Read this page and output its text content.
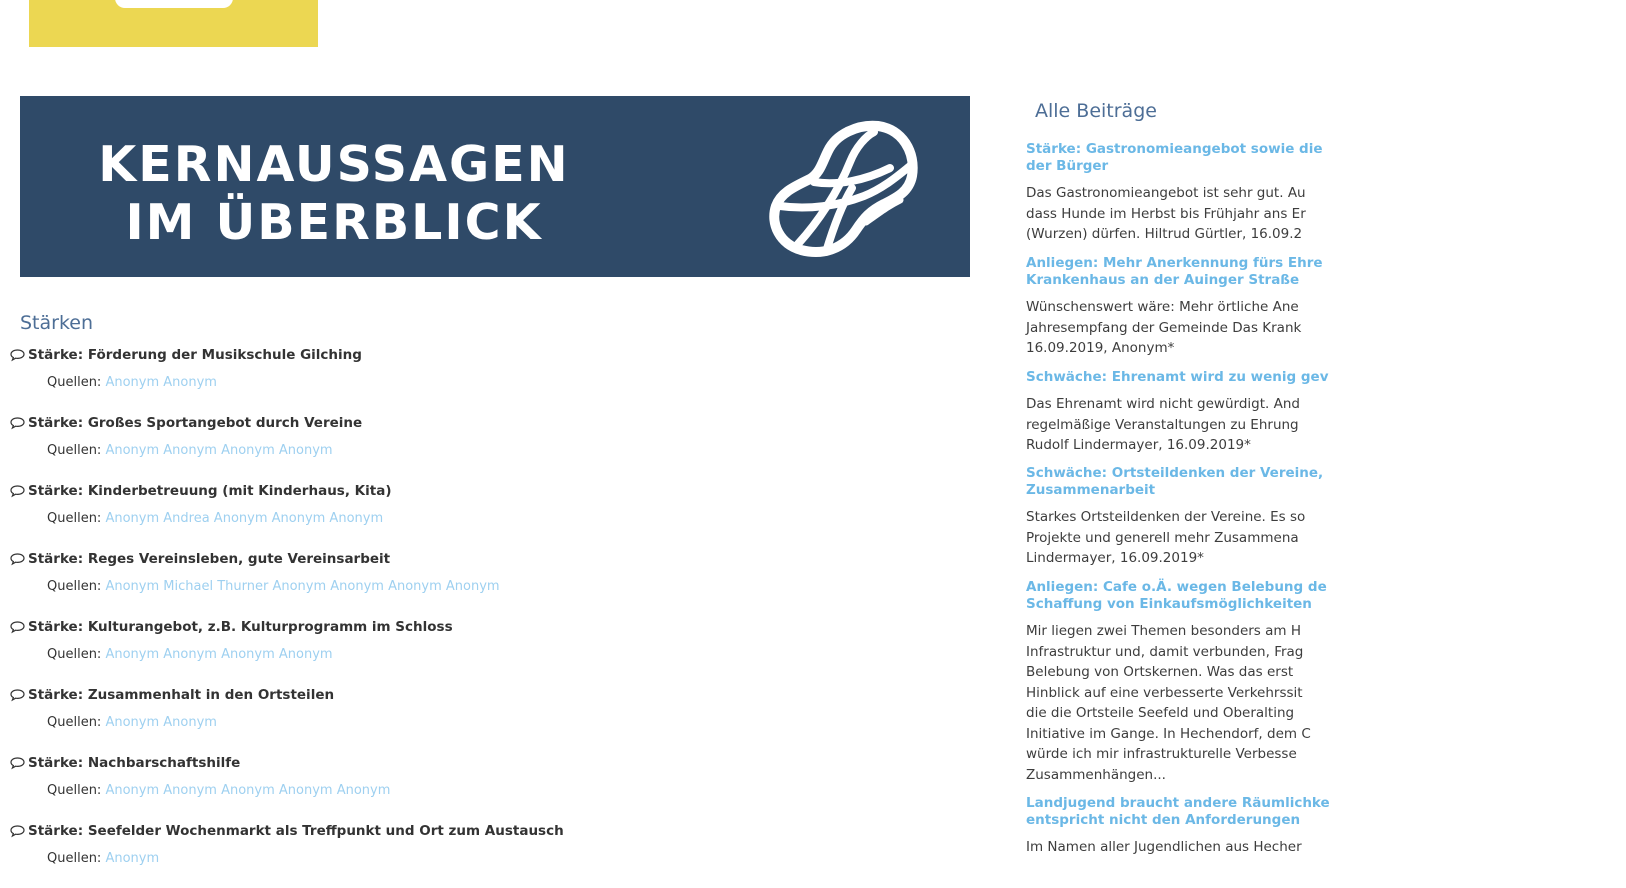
KERNAUSSAGEN
IM ÜBERBLICK
Stärken
Stärke: Förderung der Musikschule Gilching
Quellen: Anonym Anonym
Stärke: Großes Sportangebot durch Vereine
Quellen: Anonym Anonym Anonym Anonym
Stärke: Kinderbetreuung (mit Kinderhaus, Kita)
Quellen: Anonym Andrea Anonym Anonym Anonym
Stärke: Reges Vereinsleben, gute Vereinsarbeit
Quellen: Anonym Michael Thurner Anonym Anonym Anonym Anonym
Stärke: Kulturangebot, z.B. Kulturprogramm im Schloss
Quellen: Anonym Anonym Anonym Anonym
Stärke: Zusammenhalt in den Ortsteilen
Quellen: Anonym Anonym
Stärke: Nachbarschaftshilfe
Quellen: Anonym Anonym Anonym Anonym Anonym
Stärke: Seefelder Wochenmarkt als Treffpunkt und Ort zum Austausch
Quellen: Anonym
Alle Beiträge
Stärke: Gastronomieangebot sowie die
der Bürger
Das Gastronomieangebot ist sehr gut. Au
dass Hunde im Herbst bis Frühjahr ans Er
(Wurzen) dürfen. Hiltrud Gürtler, 16.09.2
Anliegen: Mehr Anerkennung fürs Ehre
Krankenhaus an der Auinger Straße
Wünschenswert wäre: Mehr örtliche Ane
Jahresempfang der Gemeinde Das Krank
16.09.2019, Anonym*
Schwäche: Ehrenamt wird zu wenig gev
Das Ehrenamt wird nicht gewürdigt. And
regelmäßige Veranstaltungen zu Ehrung
Rudolf Lindermayer, 16.09.2019*
Schwäche: Ortsteildenken der Vereine,
Zusammenarbeit
Starkes Ortsteildenken der Vereine. Es so
Projekte und generell mehr Zusammena
Lindermayer, 16.09.2019*
Anliegen: Cafe o.Ä. wegen Belebung de
Schaffung von Einkaufsmöglichkeiten
Mir liegen zwei Themen besonders am H
Infrastruktur und, damit verbunden, Frag
Belebung von Ortskernen. Was das erst
Hinblick auf eine verbesserte Verkehrssit
die die Ortsteile Seefeld und Oberalting
Initiative im Gange. In Hechendorf, dem C
würde ich mir infrastrukturelle Verbesse
Zusammenhängen...
Landjugend braucht andere Räumlichke
entspricht nicht den Anforderungen
Im Namen aller Jugendlichen aus Hecher
